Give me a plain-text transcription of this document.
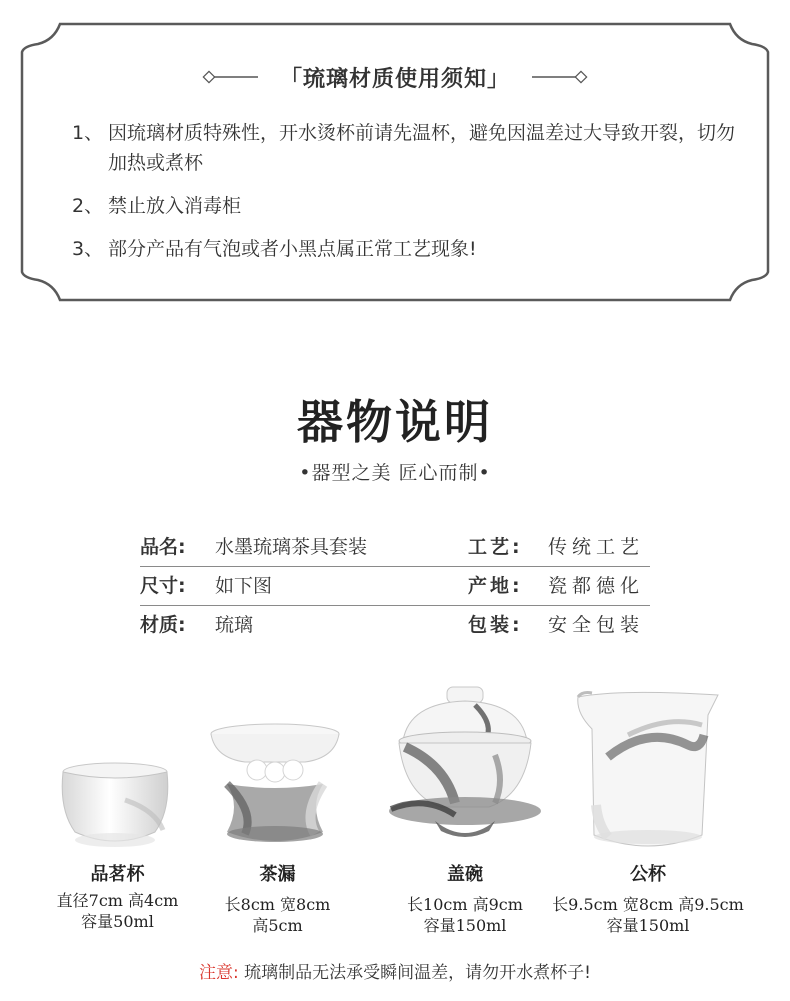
「琉璃材质使用须知」
1、 因琉璃材质特殊性，开水烫杯前请先温杯，避免因温差过大导致开裂，切勿加热或煮杯
2、 禁止放入消毒柜
3、 部分产品有气泡或者小黑点属正常工艺现象!
器物说明
•器型之美 匠心而制•
品名: 水墨琉璃茶具套装	工艺: 传统工艺
尺寸: 如下图	产地: 瓷都德化
材质: 琉璃	包装: 安全包装
品茗杯
直径7cm 高4cm
容量50ml
茶漏
长8cm 宽8cm
高5cm
盖碗
长10cm 高9cm
容量150ml
公杯
长9.5cm 宽8cm 高9.5cm
容量150ml
注意: 琉璃制品无法承受瞬间温差，请勿开水煮杯子!
